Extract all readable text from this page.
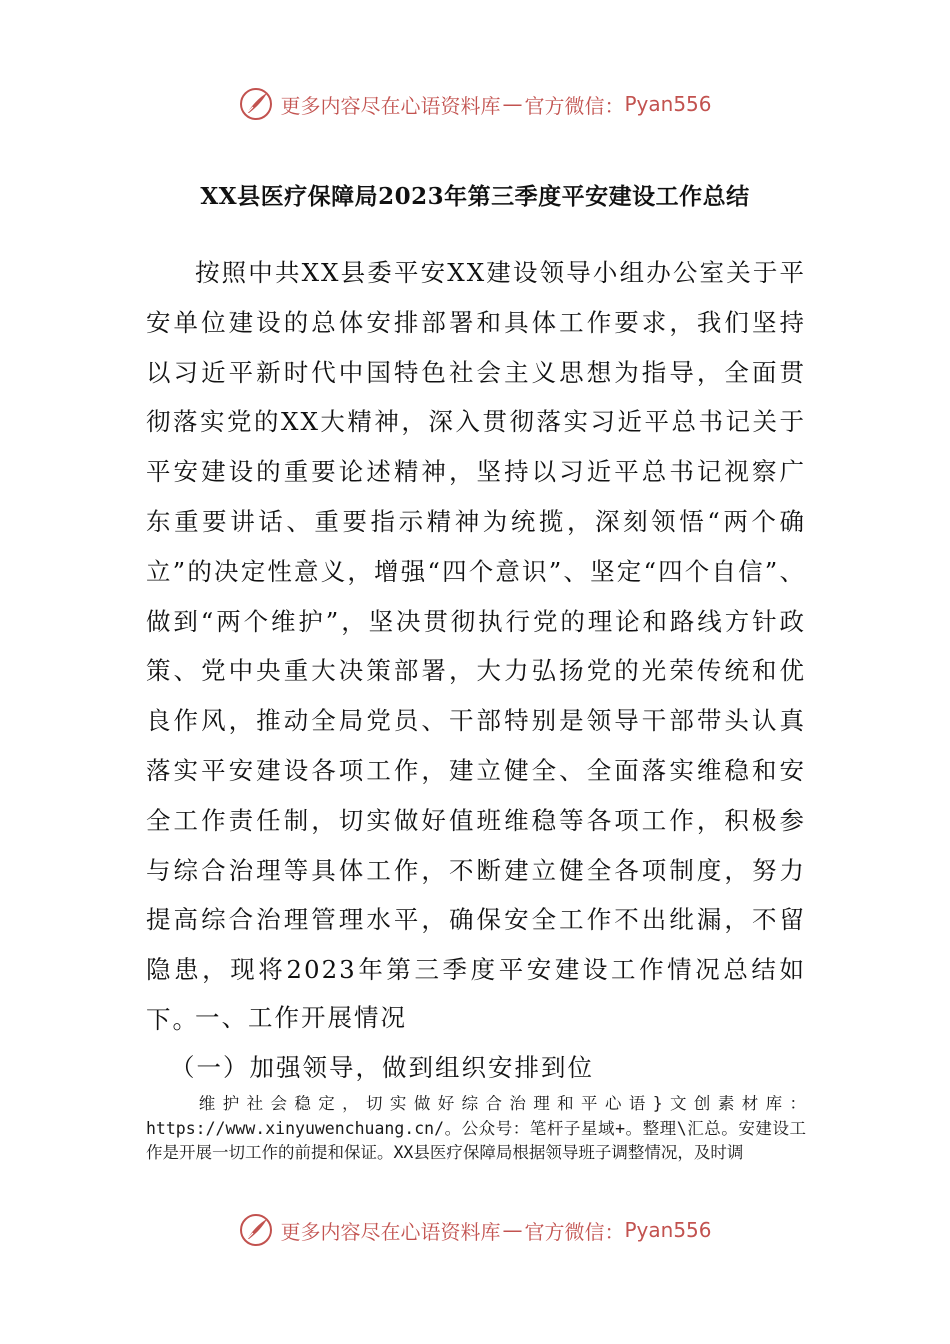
更多内容尽在心语资料库 — 官方微信： Pyan556
XX县医疗保障局2023年第三季度平安建设工作总结

按照中共XX县委平安XX建设领导小组办公室关于平安单位建设的总体安排部署和具体工作要求，我们坚持以习近平新时代中国特色社会主义思想为指导，全面贯彻落实党的XX大精神，深入贯彻落实习近平总书记关于平安建设的重要论述精神，坚持以习近平总书记视察广东重要讲话、重要指示精神为统揽，深刻领悟“两个确立”的决定性意义，增强“四个意识”、坚定“四个自信”、做到“两个维护”，坚决贯彻执行党的理论和路线方针政策、党中央重大决策部署，大力弘扬党的光荣传统和优良作风，推动全局党员、干部特别是领导干部带头认真落实平安建设各项工作，建立健全、全面落实维稳和安全工作责任制，切实做好值班维稳等各项工作，积极参与综合治理等具体工作，不断建立健全各项制度，努力提高综合治理管理水平，确保安全工作不出纰漏，不留隐患，现将2023年第三季度平安建设工作情况总结如下。

一、工作开展情况
（一）加强领导，做到组织安排到位

维护社会稳定，切实做好综合治理和平心语}文创素材库：https://www.xinyuwenchuang.cn/。公众号：笔杆子星域+。整理\汇总。安建设工作是开展一切工作的前提和保证。XX县医疗保障局根据领导班子调整情况，及时调

更多内容尽在心语资料库 — 官方微信： Pyan556
